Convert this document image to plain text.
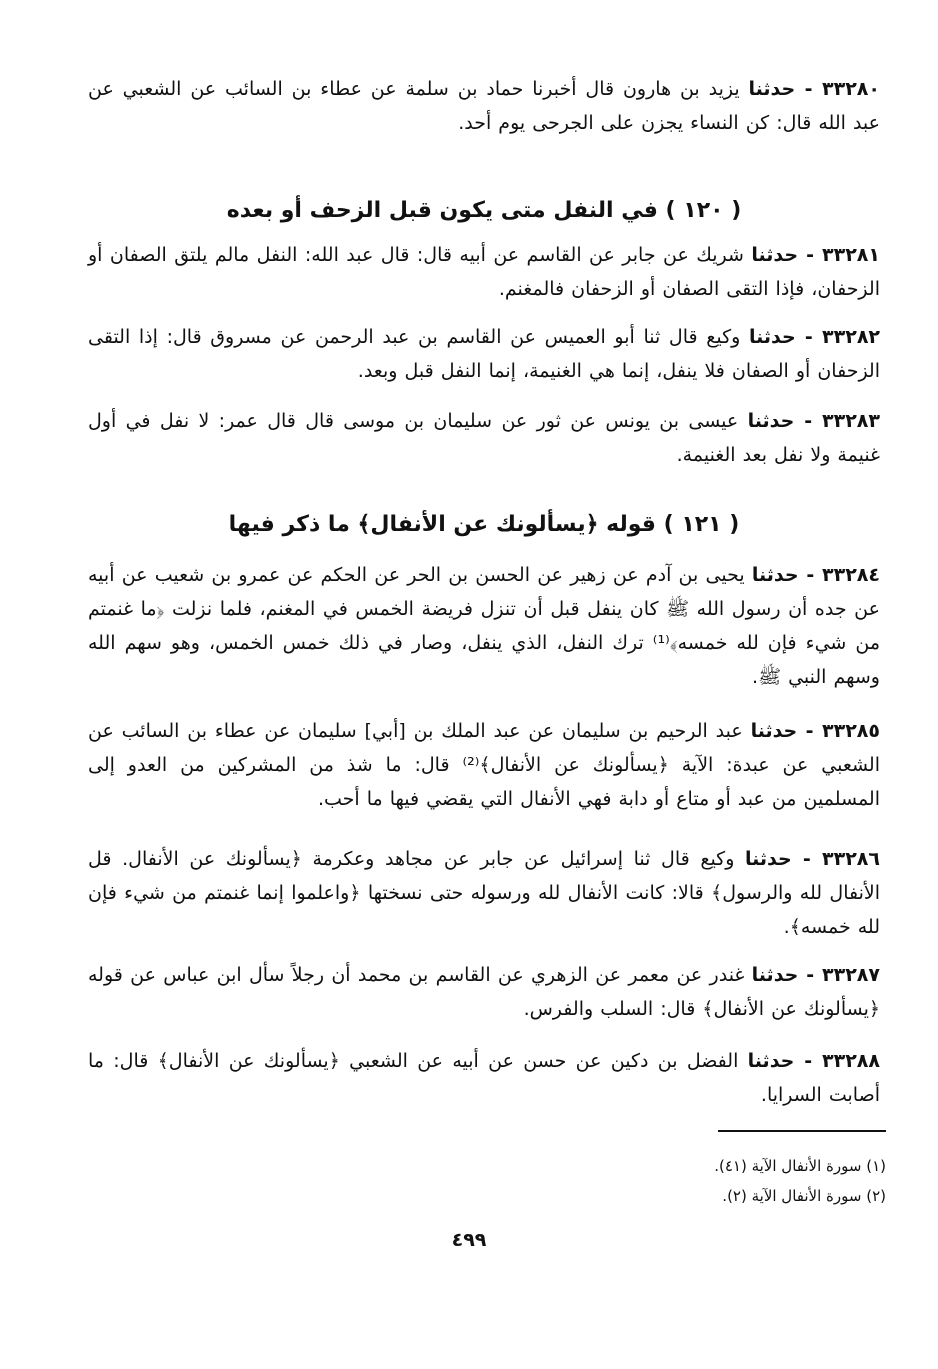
٣٣٢٨٠ - حدثنا يزيد بن هارون قال أخبرنا حماد بن سلمة عن عطاء بن السائب عن الشعبي عن عبد الله قال: كن النساء يجزن على الجرحى يوم أحد.

( ١٢٠ ) في النفل متى يكون قبل الزحف أو بعده

٣٣٢٨١ - حدثنا شريك عن جابر عن القاسم عن أبيه قال: قال عبد الله: النفل مالم يلتق الصفان أو الزحفان، فإذا التقى الصفان أو الزحفان فالمغنم.

٣٣٢٨٢ - حدثنا وكيع قال ثنا أبو العميس عن القاسم بن عبد الرحمن عن مسروق قال: إذا التقى الزحفان أو الصفان فلا ينفل، إنما هي الغنيمة، إنما النفل قبل وبعد.

٣٣٢٨٣ - حدثنا عيسى بن يونس عن ثور عن سليمان بن موسى قال قال عمر: لا نفل في أول غنيمة ولا نفل بعد الغنيمة.

( ١٢١ ) قوله ﴿يسألونك عن الأنفال﴾ ما ذكر فيها

٣٣٢٨٤ - حدثنا يحيى بن آدم عن زهير عن الحسن بن الحر عن الحكم عن عمرو بن شعيب عن أبيه عن جده أن رسول الله ﷺ كان ينفل قبل أن تنزل فريضة الخمس في المغنم، فلما نزلت ﴿ما غنمتم من شيء فإن لله خمسه﴾⁽¹⁾ ترك النفل، الذي ينفل، وصار في ذلك خمس الخمس، وهو سهم الله وسهم النبي ﷺ.

٣٣٢٨٥ - حدثنا عبد الرحيم بن سليمان عن عبد الملك بن [أبي] سليمان عن عطاء بن السائب عن الشعبي عن عبدة: الآية ﴿يسألونك عن الأنفال﴾⁽²⁾ قال: ما شذ من المشركين من العدو إلى المسلمين من عبد أو متاع أو دابة فهي الأنفال التي يقضي فيها ما أحب.

٣٣٢٨٦ - حدثنا وكيع قال ثنا إسرائيل عن جابر عن مجاهد وعكرمة ﴿يسألونك عن الأنفال. قل الأنفال لله والرسول﴾ قالا: كانت الأنفال لله ورسوله حتى نسختها ﴿واعلموا إنما غنمتم من شيء فإن لله خمسه﴾.

٣٣٢٨٧ - حدثنا غندر عن معمر عن الزهري عن القاسم بن محمد أن رجلاً سأل ابن عباس عن قوله ﴿يسألونك عن الأنفال﴾ قال: السلب والفرس.

٣٣٢٨٨ - حدثنا الفضل بن دكين عن حسن عن أبيه عن الشعبي ﴿يسألونك عن الأنفال﴾ قال: ما أصابت السرايا.

(١) سورة الأنفال الآية (٤١).
(٢) سورة الأنفال الآية (٢).
٤٩٩
